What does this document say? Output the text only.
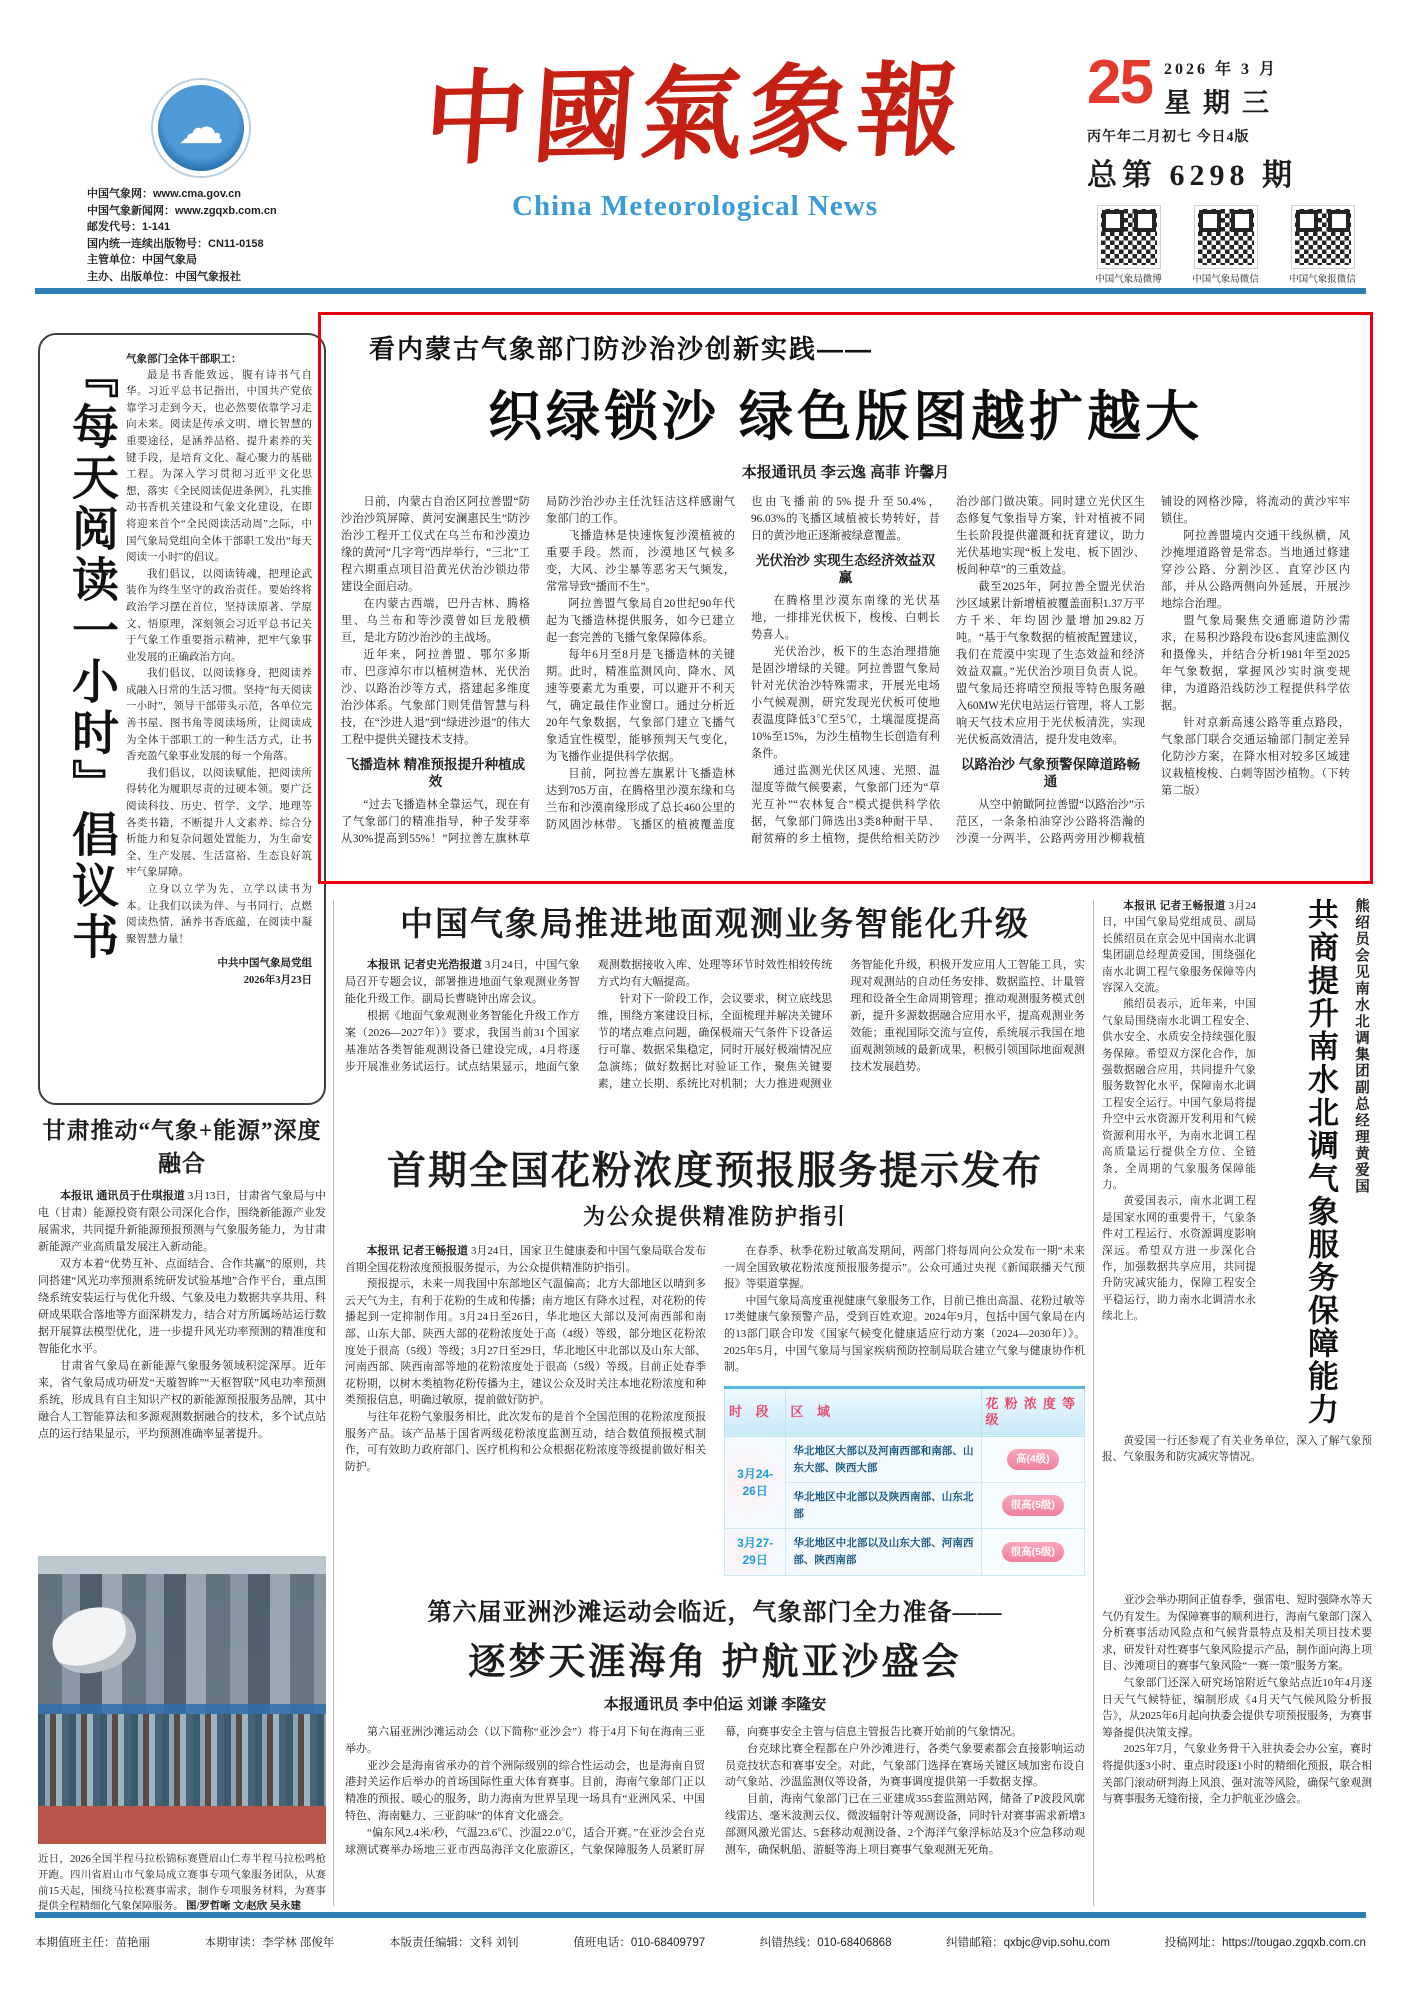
☁
中国气象网：www.cma.gov.cn
中国气象新闻网：www.zgqxb.com.cn
邮发代号：1-141
国内统一连续出版物号：CN11-0158
主管单位：中国气象局
主办、出版单位：中国气象报社
中國氣象報
China Meteorological News
25 2026 年 3 月
星期三
丙午年二月初七 今日4版
总第 6298 期
中国气象局微博	中国气象局微信	中国气象报微信
『每天阅读一小时』倡议书 气象部门全体干部职工：

最是书香能致远，腹有诗书气自华。习近平总书记指出，中国共产党依靠学习走到今天，也必然要依靠学习走向未来。阅读是传承文明、增长智慧的重要途径，是涵养品格、提升素养的关键手段，是培育文化、凝心聚力的基础工程。为深入学习贯彻习近平文化思想，落实《全民阅读促进条例》，扎实推动书香机关建设和气象文化建设，在即将迎来首个“全民阅读活动周”之际，中国气象局党组向全体干部职工发出“每天阅读一小时”的倡议。

我们倡议，以阅读铸魂，把理论武装作为终生坚守的政治责任。要始终将政治学习摆在首位，坚持读原著、学原文、悟原理，深刻领会习近平总书记关于气象工作重要指示精神，把牢气象事业发展的正确政治方向。

我们倡议，以阅读修身，把阅读养成融入日常的生活习惯。坚持“每天阅读一小时”，领导干部带头示范，各单位完善书屋、图书角等阅读场所，让阅读成为全体干部职工的一种生活方式，让书香充盈气象事业发展的每一个角落。

我们倡议，以阅读赋能，把阅读所得转化为履职尽责的过硬本领。要广泛阅读科技、历史、哲学、文学、地理等各类书籍，不断提升人文素养、综合分析能力和复杂问题处置能力，为生命安全、生产发展、生活富裕、生态良好筑牢气象屏障。

立身以立学为先，立学以读书为本。让我们以读为伴、与书同行，点燃阅读热情，涵养书香底蕴，在阅读中凝聚智慧力量！

中共中国气象局党组
2026年3月23日
看内蒙古气象部门防沙治沙创新实践——
织绿锁沙 绿色版图越扩越大
本报通讯员 李云逸 高菲 许馨月

日前，内蒙古自治区阿拉善盟“防沙治沙筑屏障、黄河安澜惠民生”防沙治沙工程开工仪式在乌兰布和沙漠边缘的黄河“几字弯”西岸举行，“三北”工程六期重点项目沿黄光伏治沙锁边带建设全面启动。

在内蒙古西端，巴丹吉林、腾格里、乌兰布和等沙漠曾如巨龙般横亘，是北方防沙治沙的主战场。

近年来，阿拉善盟、鄂尔多斯市、巴彦淖尔市以植树造林、光伏治沙、以路治沙等方式，搭建起多维度治沙体系。气象部门则凭借智慧与科技，在“沙进人退”到“绿进沙退”的伟大工程中提供关键技术支持。

飞播造林 精准预报提升种植成效

“过去飞播造林全靠运气，现在有了气象部门的精准指导，种子发芽率从30%提高到55%！”阿拉善左旗林草局防沙治沙办主任沈钰洁这样感谢气象部门的工作。

飞播造林是快速恢复沙漠植被的重要手段。然而，沙漠地区气候多变，大风、沙尘暴等恶劣天气频发，常常导致“播而不生”。

阿拉善盟气象局自20世纪90年代起为飞播造林提供服务，如今已建立起一套完善的飞播气象保障体系。

每年6月至8月是飞播造林的关键期。此时，精准监测风向、降水、风速等要素尤为重要，可以避开不利天气，确定最佳作业窗口。通过分析近20年气象数据，气象部门建立飞播气象适宜性模型，能够预判天气变化，为飞播作业提供科学依据。

目前，阿拉善左旗累计飞播造林达到705万亩，在腾格里沙漠东缘和乌兰布和沙漠南缘形成了总长460公里的防风固沙林带。飞播区的植被覆盖度也由飞播前的5%提升至50.4%，96.03%的飞播区域植被长势转好，昔日的黄沙地正逐渐被绿意覆盖。

光伏治沙 实现生态经济效益双赢

在腾格里沙漠东南缘的光伏基地，一排排光伏板下，梭梭、白刺长势喜人。

光伏治沙，板下的生态治理措施是固沙增绿的关键。阿拉善盟气象局针对光伏治沙特殊需求，开展光电场小气候观测，研究发现光伏板可使地表温度降低3℃至5℃，土壤湿度提高10%至15%，为沙生植物生长创造有利条件。

通过监测光伏区风速、光照、温湿度等微气候要素，气象部门还为“草光互补”“农林复合”模式提供科学依据，气象部门筛选出3类8种耐干旱、耐贫瘠的乡土植物，提供给相关防沙治沙部门做决策。同时建立光伏区生态修复气象指导方案，针对植被不同生长阶段提供灌溉和抚育建议，助力光伏基地实现“板上发电、板下固沙、板间种草”的三重效益。

截至2025年，阿拉善全盟光伏治沙区域累计新增植被覆盖面积1.37万平方千米、年均固沙量增加29.82万吨。“基于气象数据的植被配置建议，我们在荒漠中实现了生态效益和经济效益双赢。”光伏治沙项目负责人说。盟气象局还将晴空预报等特色服务融入60MW光伏电站运行管理，将人工影响天气技术应用于光伏板清洗，实现光伏板高效清洁，提升发电效率。

以路治沙 气象预警保障道路畅通

从空中俯瞰阿拉善盟“以路治沙”示范区，一条条柏油穿沙公路将浩瀚的沙漠一分两半，公路两旁用沙柳栽植铺设的网格沙障，将流动的黄沙牢牢锁住。

阿拉善盟境内交通干线纵横，风沙掩埋道路曾是常态。当地通过修建穿沙公路、分割沙区、直穿沙区内部，并从公路两侧向外延展，开展沙地综合治理。

盟气象局聚焦交通廊道防沙需求，在易积沙路段布设6套风速监测仪和摄像头，并结合分析1981年至2025年气象数据，掌握风沙实时演变规律，为道路沿线防沙工程提供科学依据。

针对京新高速公路等重点路段，气象部门联合交通运输部门制定差异化防沙方案，在降水相对较多区域建议栽植梭梭、白刺等固沙植物。（下转第二版）

中国气象局推进地面观测业务智能化升级

本报讯 记者史光浩报道 3月24日，中国气象局召开专题会议，部署推进地面气象观测业务智能化升级工作。副局长曹晓钟出席会议。

根据《地面气象观测业务智能化升级工作方案（2026—2027年）》要求，我国当前31个国家基准站各类智能观测设备已建设完成，4月将逐步开展准业务试运行。试点结果显示，地面气象观测数据接收入库、处理等环节时效性相较传统方式均有大幅提高。

针对下一阶段工作，会议要求，树立底线思维，围绕方案建设目标，全面梳理并解决关键环节的堵点难点问题，确保极端天气条件下设备运行可靠、数据采集稳定，同时开展好极端情况应急演练；做好数据比对验证工作，聚焦关键要素，建立长期、系统比对机制；大力推进观测业务智能化升级，积极开发应用人工智能工具，实现对观测站的自动任务安排、数据监控、计量管理和设备全生命周期管理；推动观测服务模式创新，提升多源数据融合应用水平，提高观测业务效能；重视国际交流与宣传，系统展示我国在地面观测领域的最新成果，积极引领国际地面观测技术发展趋势。

本报讯 记者王畅报道 3月24日，中国气象局党组成员、副局长熊绍员在京会见中国南水北调集团副总经理黄爱国，围绕强化南水北调工程气象服务保障等内容深入交流。

熊绍员表示，近年来，中国气象局围绕南水北调工程安全、供水安全、水质安全持续强化服务保障。希望双方深化合作，加强数据融合应用，共同提升气象服务数智化水平，保障南水北调工程安全运行。中国气象局将提升空中云水资源开发利用和气候资源利用水平，为南水北调工程高质量运行提供全方位、全链条、全周期的气象服务保障能力。

黄爱国表示，南水北调工程是国家水网的重要骨干，气象条件对工程运行、水资源调度影响深远。希望双方进一步深化合作，加强数据共享应用，共同提升防灾减灾能力，保障工程安全平稳运行，助力南水北调清水永续北上。	共商提升南水北调气象服务保障能力	熊绍员会见南水北调集团副总经理黄爱国

黄爱国一行还参观了有关业务单位，深入了解气象预报、气象服务和防灾减灾等情况。

首期全国花粉浓度预报服务提示发布
为公众提供精准防护指引

本报讯 记者王畅报道 3月24日，国家卫生健康委和中国气象局联合发布首期全国花粉浓度预报服务提示，为公众提供精准防护指引。

预报提示，未来一周我国中东部地区气温偏高；北方大部地区以晴到多云天气为主，有利于花粉的生成和传播；南方地区有降水过程，对花粉的传播起到一定抑制作用。3月24日至26日，华北地区大部以及河南西部和南部、山东大部、陕西大部的花粉浓度处于高（4级）等级，部分地区花粉浓度处于很高（5级）等级；3月27日至29日，华北地区中北部以及山东大部、河南西部、陕西南部等地的花粉浓度处于很高（5级）等级。目前正处春季花粉期，以树木类植物花粉传播为主，建议公众及时关注本地花粉浓度和种类预报信息，明确过敏原，提前做好防护。

与往年花粉气象服务相比，此次发布的是首个全国范围的花粉浓度预报服务产品。该产品基于国省两级花粉浓度监测互动，结合数值预报模式制作，可有效助力政府部门、医疗机构和公众根据花粉浓度等级提前做好相关防护。

在春季、秋季花粉过敏高发期间，两部门将每周向公众发布一期“未来一周全国致敏花粉浓度预报服务提示”。公众可通过央视《新闻联播天气预报》等渠道掌握。

中国气象局高度重视健康气象服务工作，目前已推出高温、花粉过敏等17类健康气象预警产品，受到百姓欢迎。2024年9月，包括中国气象局在内的13部门联合印发《国家气候变化健康适应行动方案（2024—2030年）》。2025年5月，中国气象局与国家疾病预防控制局联合建立气象与健康协作机制。

时 段	区 域	花粉浓度等级
3月24-26日	华北地区大部以及河南西部和南部、山东大部、陕西大部	高(4级)
	华北地区中北部以及陕西南部、山东北部	很高(5级)
3月27-29日	华北地区中北部以及山东大部、河南西部、陕西南部	很高(5级)
第六届亚洲沙滩运动会临近，气象部门全力准备——
逐梦天涯海角 护航亚沙盛会
本报通讯员 李中伯运 刘谦 李隆安

第六届亚洲沙滩运动会（以下简称“亚沙会”）将于4月下旬在海南三亚举办。

亚沙会是海南省承办的首个洲际级别的综合性运动会，也是海南自贸港封关运作后举办的首场国际性重大体育赛事。目前，海南气象部门正以精准的预报、暖心的服务，助力海南为世界呈现一场具有“亚洲风采、中国特色、海南魅力、三亚韵味”的体育文化盛会。

“偏东风2.4米/秒，气温23.6℃、沙温22.0℃，适合开赛。”在亚沙会台克球测试赛举办场地三亚市西岛海洋文化旅游区，气象保障服务人员紧盯屏幕，向赛事安全主管与信息主管报告比赛开始前的气象情况。

台克球比赛全程都在户外沙滩进行，各类气象要素都会直接影响运动员竞技状态和赛事安全。对此，气象部门选择在赛场关键区域加密布设自动气象站、沙温监测仪等设备，为赛事调度提供第一手数据支撑。

目前，海南气象部门已在三亚建成355套监测站网，储备了P波段风廓线雷达、毫米波测云仪、微波辐射计等观测设备，同时针对赛事需求新增3部测风激光雷达、5套移动观测设备、2个海洋气象浮标站及3个应急移动观测车，确保帆船、游艇等海上项目赛事气象观测无死角。

亚沙会举办期间正值春季，强雷电、短时强降水等天气仍有发生。为保障赛事的顺利进行，海南气象部门深入分析赛事活动风险点和气候背景特点及相关项目技术要求，研发针对性赛事气象风险提示产品，制作面向海上项目、沙滩项目的赛事气象风险“一赛一策”服务方案。

气象部门还深入研究场馆附近气象站点近10年4月逐日天气气候特征，编制形成《4月天气气候风险分析报告》，从2025年6月起向执委会提供专项预报服务，为赛事筹备提供决策支撑。

2025年7月，气象业务骨干入驻执委会办公室，赛时将提供逐3小时、重点时段逐1小时的精细化预报，联合相关部门滚动研判海上风浪、强对流等风险，确保气象观测与赛事服务无缝衔接，全力护航亚沙盛会。

甘肃推动“气象+能源”深度融合

本报讯 通讯员于仕琪报道 3月13日，甘肃省气象局与中电（甘肃）能源投资有限公司深化合作，围绕新能源产业发展需求，共同提升新能源预报预测与气象服务能力，为甘肃新能源产业高质量发展注入新动能。

双方本着“优势互补、点面结合、合作共赢”的原则，共同搭建“风光功率预测系统研发试验基地”合作平台，重点围绕系统安装运行与优化升级、气象及电力数据共享共用、科研成果联合落地等方面深耕发力，结合对方所属场站运行数据开展算法模型优化，进一步提升风光功率预测的精准度和智能化水平。

甘肃省气象局在新能源气象服务领域积淀深厚。近年来，省气象局成功研发“天璇智眸”“天枢智联”风电功率预测系统，形成具有自主知识产权的新能源预报服务品牌，其中融合人工智能算法和多源观测数据融合的技术，多个试点站点的运行结果显示，平均预测准确率显著提升。

近日，2026全国半程马拉松锦标赛暨眉山仁寿半程马拉松鸣枪开跑。四川省眉山市气象局成立赛事专项气象服务团队，从赛前15天起，围绕马拉松赛事需求，制作专项服务材料，为赛事提供全程精细化气象保障服务。 图/罗哲晰 文/赵欣 吴永建
本期值班主任：苗艳丽	本期审读：李学林 邵俊年	本版责任编辑：文科 刘钊	值班电话：010-68409797	纠错热线：010-68406868	纠错邮箱：qxbjc@vip.sohu.com	投稿网址：https://tougao.zgqxb.com.cn
